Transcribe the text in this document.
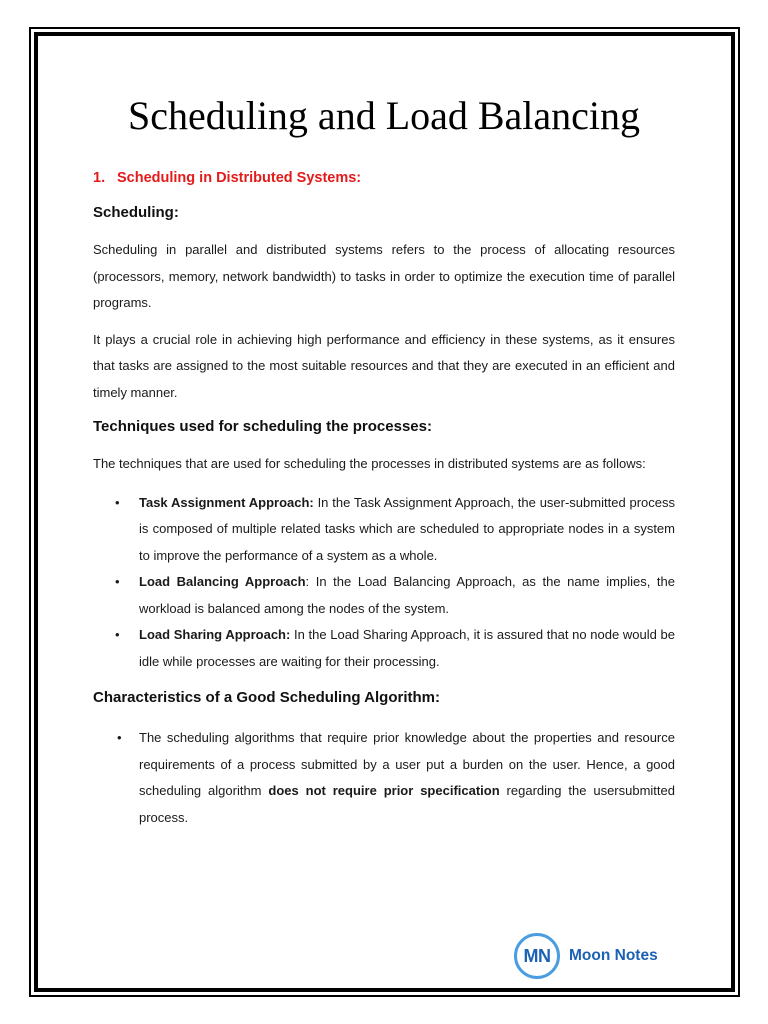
Scheduling and Load Balancing
1. Scheduling in Distributed Systems:
Scheduling:

Scheduling in parallel and distributed systems refers to the process of allocating resources (processors, memory, network bandwidth) to tasks in order to optimize the execution time of parallel programs.

It plays a crucial role in achieving high performance and efficiency in these systems, as it ensures that tasks are assigned to the most suitable resources and that they are executed in an efficient and timely manner.

Techniques used for scheduling the processes:

The techniques that are used for scheduling the processes in distributed systems are as follows:

• Task Assignment Approach: In the Task Assignment Approach, the user-submitted process is composed of multiple related tasks which are scheduled to appropriate nodes in a system to improve the performance of a system as a whole.
• Load Balancing Approach: In the Load Balancing Approach, as the name implies, the workload is balanced among the nodes of the system.
• Load Sharing Approach: In the Load Sharing Approach, it is assured that no node would be idle while processes are waiting for their processing.
Characteristics of a Good Scheduling Algorithm:
• The scheduling algorithms that require prior knowledge about the properties and resource requirements of a process submitted by a user put a burden on the user. Hence, a good scheduling algorithm does not require prior specification regarding the usersubmitted process.
MN Moon Notes
